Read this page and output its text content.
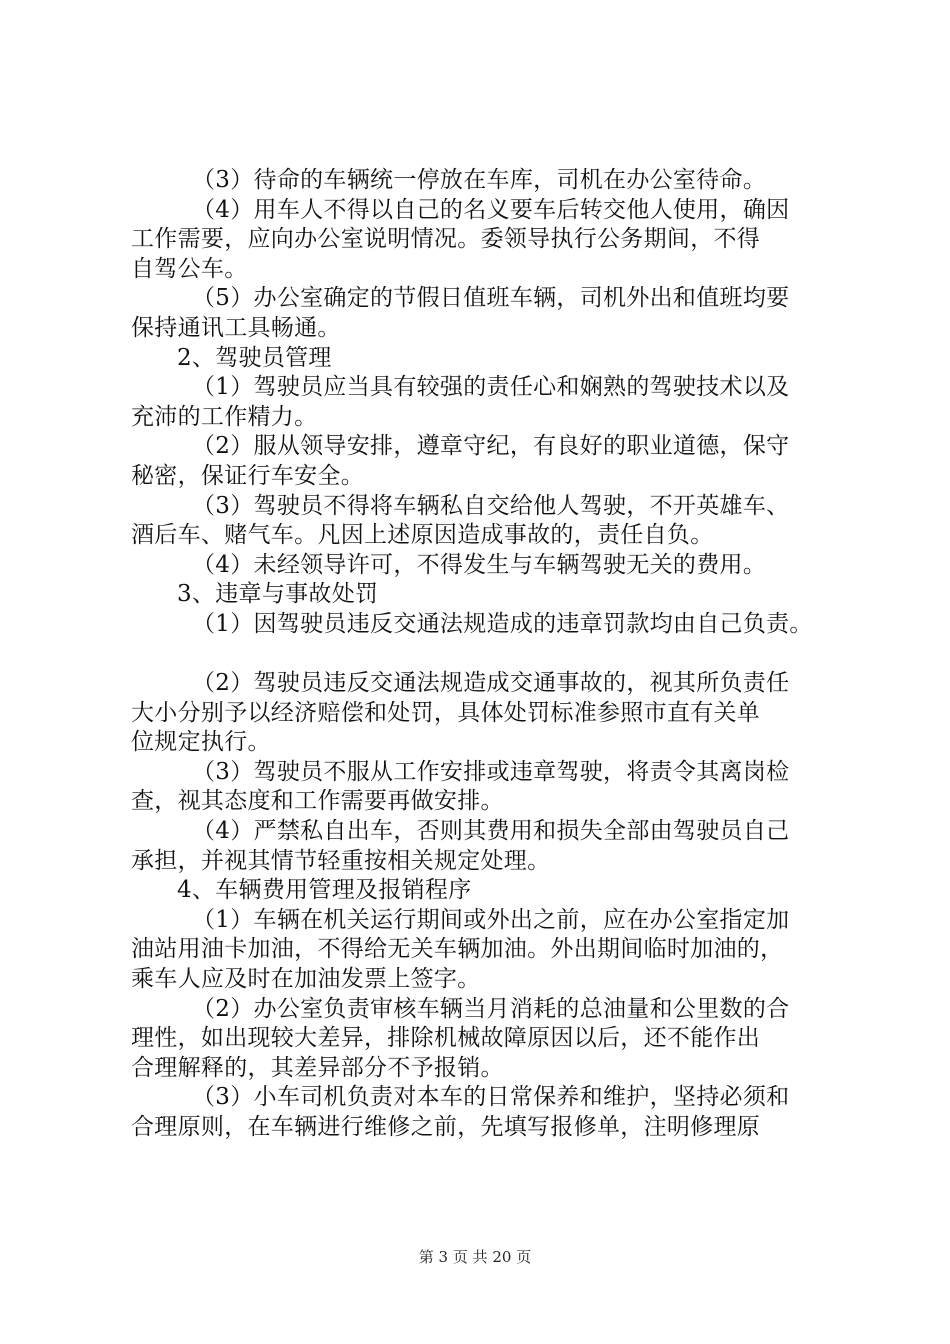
（3）待命的车辆统一停放在车库，司机在办公室待命。
（4）用车人不得以自己的名义要车后转交他人使用，确因
工作需要，应向办公室说明情况。委领导执行公务期间，不得
自驾公车。
（5）办公室确定的节假日值班车辆，司机外出和值班均要
保持通讯工具畅通。
2、驾驶员管理
（1）驾驶员应当具有较强的责任心和娴熟的驾驶技术以及
充沛的工作精力。
（2）服从领导安排，遵章守纪，有良好的职业道德，保守
秘密，保证行车安全。
（3）驾驶员不得将车辆私自交给他人驾驶，不开英雄车、
酒后车、赌气车。凡因上述原因造成事故的，责任自负。
（4）未经领导许可，不得发生与车辆驾驶无关的费用。
3、违章与事故处罚
（1）因驾驶员违反交通法规造成的违章罚款均由自己负责。
（2）驾驶员违反交通法规造成交通事故的，视其所负责任
大小分别予以经济赔偿和处罚，具体处罚标准参照市直有关单
位规定执行。
（3）驾驶员不服从工作安排或违章驾驶，将责令其离岗检
查，视其态度和工作需要再做安排。
（4）严禁私自出车，否则其费用和损失全部由驾驶员自己
承担，并视其情节轻重按相关规定处理。
4、车辆费用管理及报销程序
（1）车辆在机关运行期间或外出之前，应在办公室指定加
油站用油卡加油，不得给无关车辆加油。外出期间临时加油的，
乘车人应及时在加油发票上签字。
（2）办公室负责审核车辆当月消耗的总油量和公里数的合
理性，如出现较大差异，排除机械故障原因以后，还不能作出
合理解释的，其差异部分不予报销。
（3）小车司机负责对本车的日常保养和维护，坚持必须和
合理原则，在车辆进行维修之前，先填写报修单，注明修理原
第 3 页 共 20 页
